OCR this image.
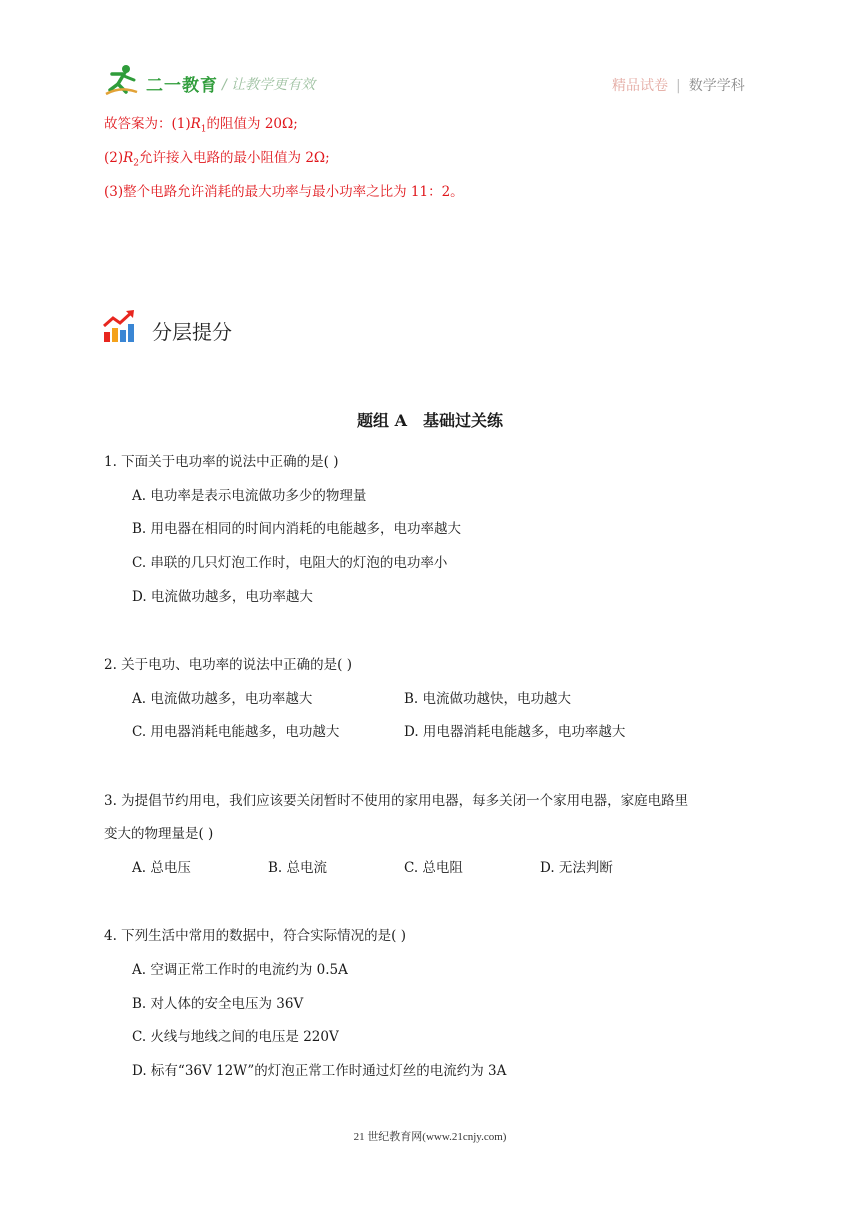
二一教育 / 让教学更有效	精品试卷 | 数学学科
故答案为：$(1)R_1$的阻值为 20Ω;
$(2)R_2$允许接入电路的最小阻值为 2Ω;
(3)整个电路允许消耗的最大功率与最小功率之比为 11：2。
分层提分
题组 A　基础过关练
1. 下面关于电功率的说法中正确的是( )
A. 电功率是表示电流做功多少的物理量
B. 用电器在相同的时间内消耗的电能越多，电功率越大
C. 串联的几只灯泡工作时，电阻大的灯泡的电功率小
D. 电流做功越多，电功率越大
2. 关于电功、电功率的说法中正确的是( )
A. 电流做功越多，电功率越大	B. 电流做功越快，电功越大
C. 用电器消耗电能越多，电功越大	D. 用电器消耗电能越多，电功率越大
3. 为提倡节约用电，我们应该要关闭暂时不使用的家用电器，每多关闭一个家用电器，家庭电路里
变大的物理量是( )
A. 总电压	B. 总电流	C. 总电阻	D. 无法判断
4. 下列生活中常用的数据中，符合实际情况的是( )
A. 空调正常工作时的电流约为 0.5A
B. 对人体的安全电压为 36V
C. 火线与地线之间的电压是 220V
D. 标有“36V 12W”的灯泡正常工作时通过灯丝的电流约为 3A
21 世纪教育网(www.21cnjy.com)
